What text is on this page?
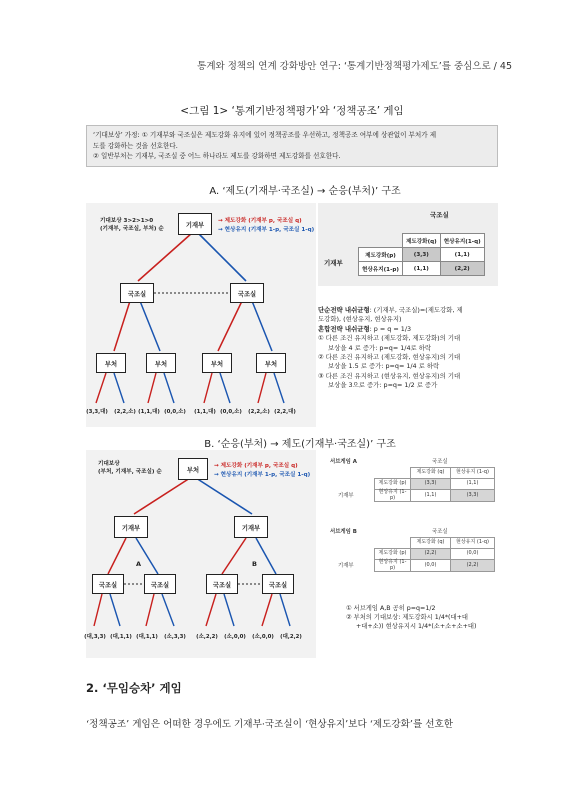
통계와 정책의 연계 강화방안 연구: ‘통계기반정책평가제도’를 중심으로 / 45
<그림 1> ‘통계기반정책평가’와 ‘정책공조’ 게임
‘기대보상’ 가정: ① 기재부와 국조실은 제도강화 유지에 있어 정책공조를 우선하고, 정책공조 여부에 상관없이 부처가 제
도를 강화하는 것을 선호한다.
② 일반부처는 기재부, 국조실 중 어느 하나라도 제도를 강화하면 제도강화를 선호한다.
A. ‘제도(기재부·국조실) → 순응(부처)’ 구조
기대보상 3>2>1>0
(기재부, 국조실, 부처) 순
기재부
→ 제도강화 (기재부 p, 국조실 q)
→ 현상유지 (기재부 1-p, 국조실 1-q)
국조실	국조실
부처	부처	부처	부처
(3,3,대)	(2,2,소) (1,1,대) (0,0,소)	(1,1,대) (0,0,소)	(2,2,소) (2,2,대)
국조실
기재부
	제도강화(q)	현상유지(1-q)
제도강화(p)	(3,3)	(1,1)
현상유지(1-p)	(1,1)	(2,2)
단순전략 내쉬균형: (기재부, 국조실)=(제도강화, 제
도강화), (현상유지, 현상유지)
혼합전략 내쉬균형: p = q = 1/3
① 다른 조건 유지하고 (제도강화, 제도강화)의 기대
보상을 4 로 증가: p=q= 1/4로 하락
② 다른 조건 유지하고 (제도강화, 현상유지)의 기대
보상을 1.5 로 증가: p=q= 1/4 로 하락
③ 다른 조건 유지하고 (현상유지, 현상유지)의 기대
보상을 3으로 증가: p=q= 1/2 로 증가
B. ‘순응(부처) → 제도(기재부·국조실)’ 구조
기대보상
(부처, 기재부, 국조실) 순	부처
→ 제도강화 (기재부 p, 국조실 q)
→ 현상유지 (기재부 1-p, 국조실 1-q)
기재부	기재부
A	B
국조실	국조실	국조실	국조실
(대,3,3) (대,1,1) (대,1,1)	(소,3,3)	(소,2,2)	(소,0,0)	(소,0,0)	(대,2,2)
서브게임 A	국조실
기재부
	제도강화 (q)	현상유지 (1-q)
제도강화 (p)	(3,3)	(1,1)
현상유지 (1-p)	(1,1)	(3,3)
서브게임 B	국조실
기재부
	제도강화 (q)	현상유지 (1-q)
제도강화 (p)	(2,2)	(0,0)
현상유지 (1-p)	(0,0)	(2,2)
① 서브게임 A,B 공히 p=q=1/2
② 부처의 기대보상: 제도강화시 1/4*(대+대
+대+소)) 현상유지시 1/4*(소+소+소+대)
2. ‘무임승차’ 게임
‘정책공조’ 게임은 어떠한 경우에도 기재부·국조실이 ‘현상유지’보다 ‘제도강화’를 선호한
